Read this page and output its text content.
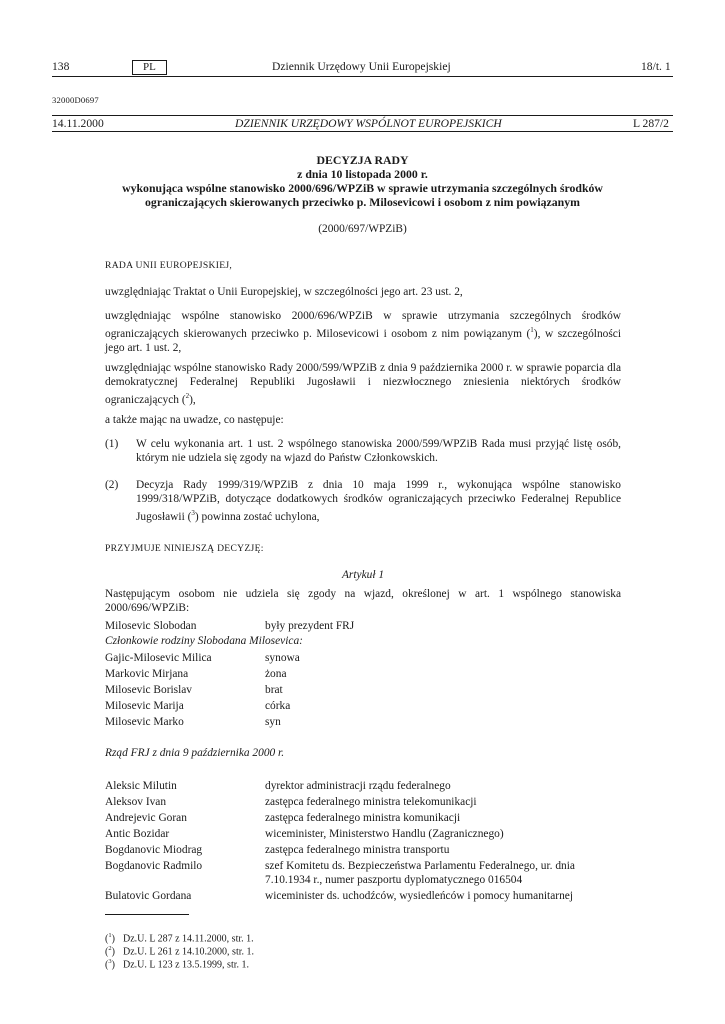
138	PL	Dziennik Urzędowy Unii Europejskiej	18/t. 1
32000D0697
14.11.2000	DZIENNIK URZĘDOWY WSPÓLNOT EUROPEJSKICH	L 287/2
DECYZJA RADY
z dnia 10 listopada 2000 r.
wykonująca wspólne stanowisko 2000/696/WPZiB w sprawie utrzymania szczególnych środków
ograniczających skierowanych przeciwko p. Milosevicowi i osobom z nim powiązanym
(2000/697/WPZiB)
RADA UNII EUROPEJSKIEJ,
uwzględniając Traktat o Unii Europejskiej, w szczególności jego art. 23 ust. 2,
uwzględniając wspólne stanowisko 2000/696/WPZiB w sprawie utrzymania szczególnych środków ograniczających skierowanych przeciwko p. Milosevicowi i osobom z nim powiązanym ($^1$), w szczególności jego art. 1 ust. 2,
uwzględniając wspólne stanowisko Rady 2000/599/WPZiB z dnia 9 października 2000 r. w sprawie poparcia dla demokratycznej Federalnej Republiki Jugosławii i niezwłocznego zniesienia niektórych środków ograniczających ($^2$),
a także mając na uwadze, co następuje:
(1) W celu wykonania art. 1 ust. 2 wspólnego stanowiska 2000/599/WPZiB Rada musi przyjąć listę osób, którym nie udziela się zgody na wjazd do Państw Członkowskich.
(2) Decyzja Rady 1999/319/WPZiB z dnia 10 maja 1999 r., wykonująca wspólne stanowisko 1999/318/WPZiB, dotyczące dodatkowych środków ograniczających przeciwko Federalnej Republice Jugosławii ($^3$) powinna zostać uchylona,
PRZYJMUJE NINIEJSZĄ DECYZJĘ:
Artykuł 1
Następującym osobom nie udziela się zgody na wjazd, określonej w art. 1 wspólnego stanowiska 2000/696/WPZiB:
Milosevic Slobodan	były prezydent FRJ
Członkowie rodziny Slobodana Milosevica:
Gajic-Milosevic Milica	synowa
Markovic Mirjana	żona
Milosevic Borislav	brat
Milosevic Marija	córka
Milosevic Marko	syn
Rząd FRJ z dnia 9 października 2000 r.
Aleksic Milutin	dyrektor administracji rządu federalnego
Aleksov Ivan	zastępca federalnego ministra telekomunikacji
Andrejevic Goran	zastępca federalnego ministra komunikacji
Antic Bozidar	wiceminister, Ministerstwo Handlu (Zagranicznego)
Bogdanovic Miodrag	zastępca federalnego ministra transportu
Bogdanovic Radmilo	szef Komitetu ds. Bezpieczeństwa Parlamentu Federalnego, ur. dnia 7.10.1934 r., numer paszportu dyplomatycznego 016504
Bulatovic Gordana	wiceminister ds. uchodźców, wysiedleńców i pomocy humanitarnej
($^1$) Dz.U. L 287 z 14.11.2000, str. 1.
($^2$) Dz.U. L 261 z 14.10.2000, str. 1.
($^3$) Dz.U. L 123 z 13.5.1999, str. 1.
